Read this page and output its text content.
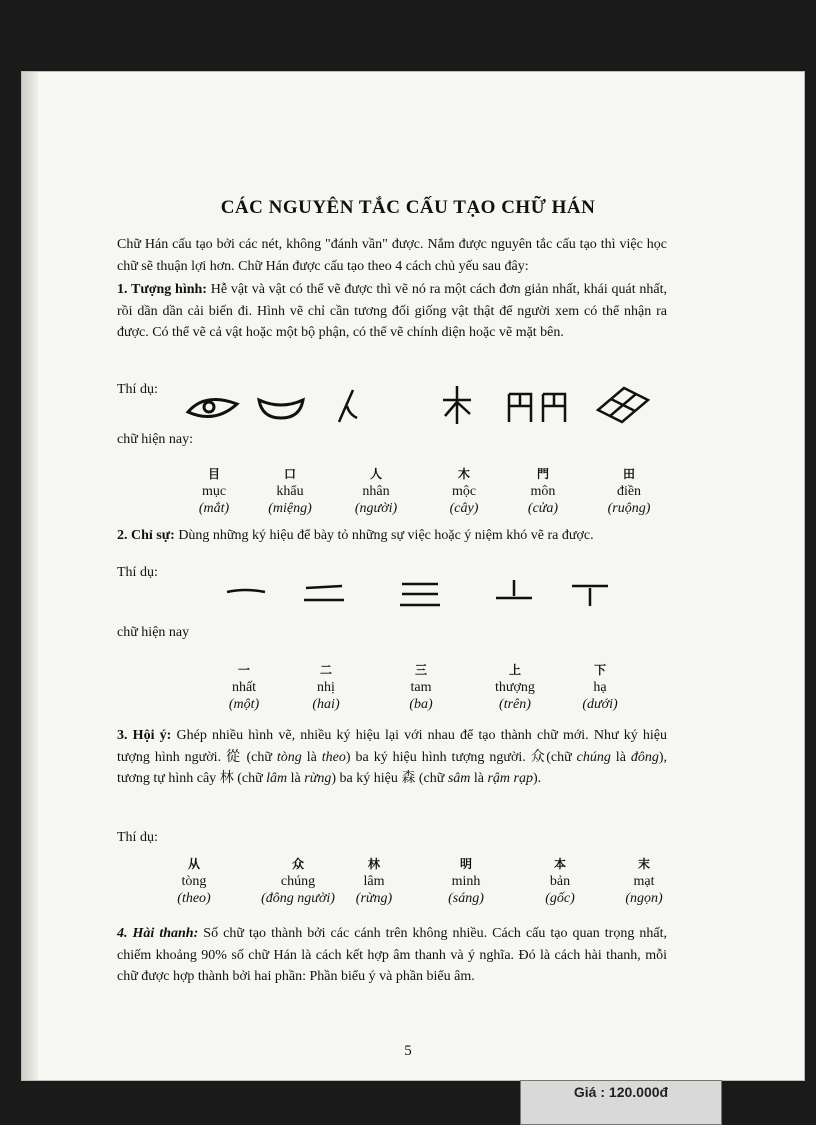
CÁC NGUYÊN TẮC CẤU TẠO CHỮ HÁN
Chữ Hán cấu tạo bởi các nét, không "đánh vần" được. Nắm được nguyên tắc cấu tạo thì việc học chữ sẽ thuận lợi hơn. Chữ Hán được cấu tạo theo 4 cách chủ yếu sau đây:
1. Tượng hình: Hễ vật và vật có thể vẽ được thì vẽ nó ra một cách đơn giản nhất, khái quát nhất, rồi dần dần cải biến đi. Hình vẽ chỉ cần tương đối giống vật thật để người xem có thể nhận ra được. Có thể vẽ cả vật hoặc một bộ phận, có thể vẽ chính diện hoặc vẽ mặt bên.
Thí dụ:
chữ hiện nay:
目
mục
(mắt)
口
khẩu
(miệng)
人
nhân
(người)
木
mộc
(cây)
門
môn
(cửa)
田
điền
(ruộng)
2. Chỉ sự: Dùng những ký hiệu để bày tỏ những sự việc hoặc ý niệm khó vẽ ra được.
Thí dụ:
chữ hiện nay
一
nhất
(một)
二
nhị
(hai)
三
tam
(ba)
上
thượng
(trên)
下
hạ
(dưới)
3. Hội ý: Ghép nhiều hình vẽ, nhiều ký hiệu lại với nhau để tạo thành chữ mới. Như ký hiệu tượng hình người. 從 (chữ tòng là theo) ba ký hiệu hình tượng người. 众(chữ chúng là đông), tương tự hình cây 林 (chữ lâm là rừng) ba ký hiệu 森 (chữ sâm là rậm rạp).
Thí dụ:
从
tòng
(theo)
众
chúng
(đông người)
林
lâm
(rừng)
明
minh
(sáng)
本
bản
(gốc)
末
mạt
(ngọn)
4. Hài thanh: Số chữ tạo thành bởi các cánh trên không nhiều. Cách cấu tạo quan trọng nhất, chiếm khoảng 90% số chữ Hán là cách kết hợp âm thanh và ý nghĩa. Đó là cách hài thanh, mỗi chữ được hợp thành bởi hai phần: Phần biểu ý và phần biểu âm.
5
Giá : 120.000đ
